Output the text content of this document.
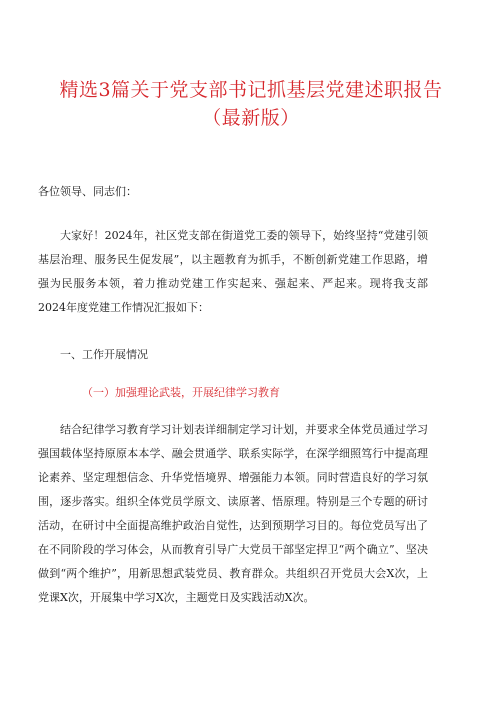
精选3篇关于党支部书记抓基层党建述职报告
（最新版）
各位领导、同志们：
大家好！2024年，社区党支部在街道党工委的领导下，始终坚持“党建引领基层治理、服务民生促发展”，以主题教育为抓手，不断创新党建工作思路，增强为民服务本领，着力推动党建工作实起来、强起来、严起来。现将我支部2024年度党建工作情况汇报如下：
一、工作开展情况
（一）加强理论武装，开展纪律学习教育
结合纪律学习教育学习计划表详细制定学习计划，并要求全体党员通过学习强国载体坚持原原本本学、融会贯通学、联系实际学，在深学细照笃行中提高理论素养、坚定理想信念、升华党悟境界、增强能力本领。同时营造良好的学习氛围，逐步落实。组织全体党员学原文、读原著、悟原理。特别是三个专题的研讨活动，在研讨中全面提高维护政治自觉性，达到预期学习目的。每位党员写出了在不同阶段的学习体会，从而教育引导广大党员干部坚定捍卫“两个确立”、坚决做到“两个维护”，用新思想武装党员、教育群众。共组织召开党员大会X次，上党课X次，开展集中学习X次，主题党日及实践活动X次。
